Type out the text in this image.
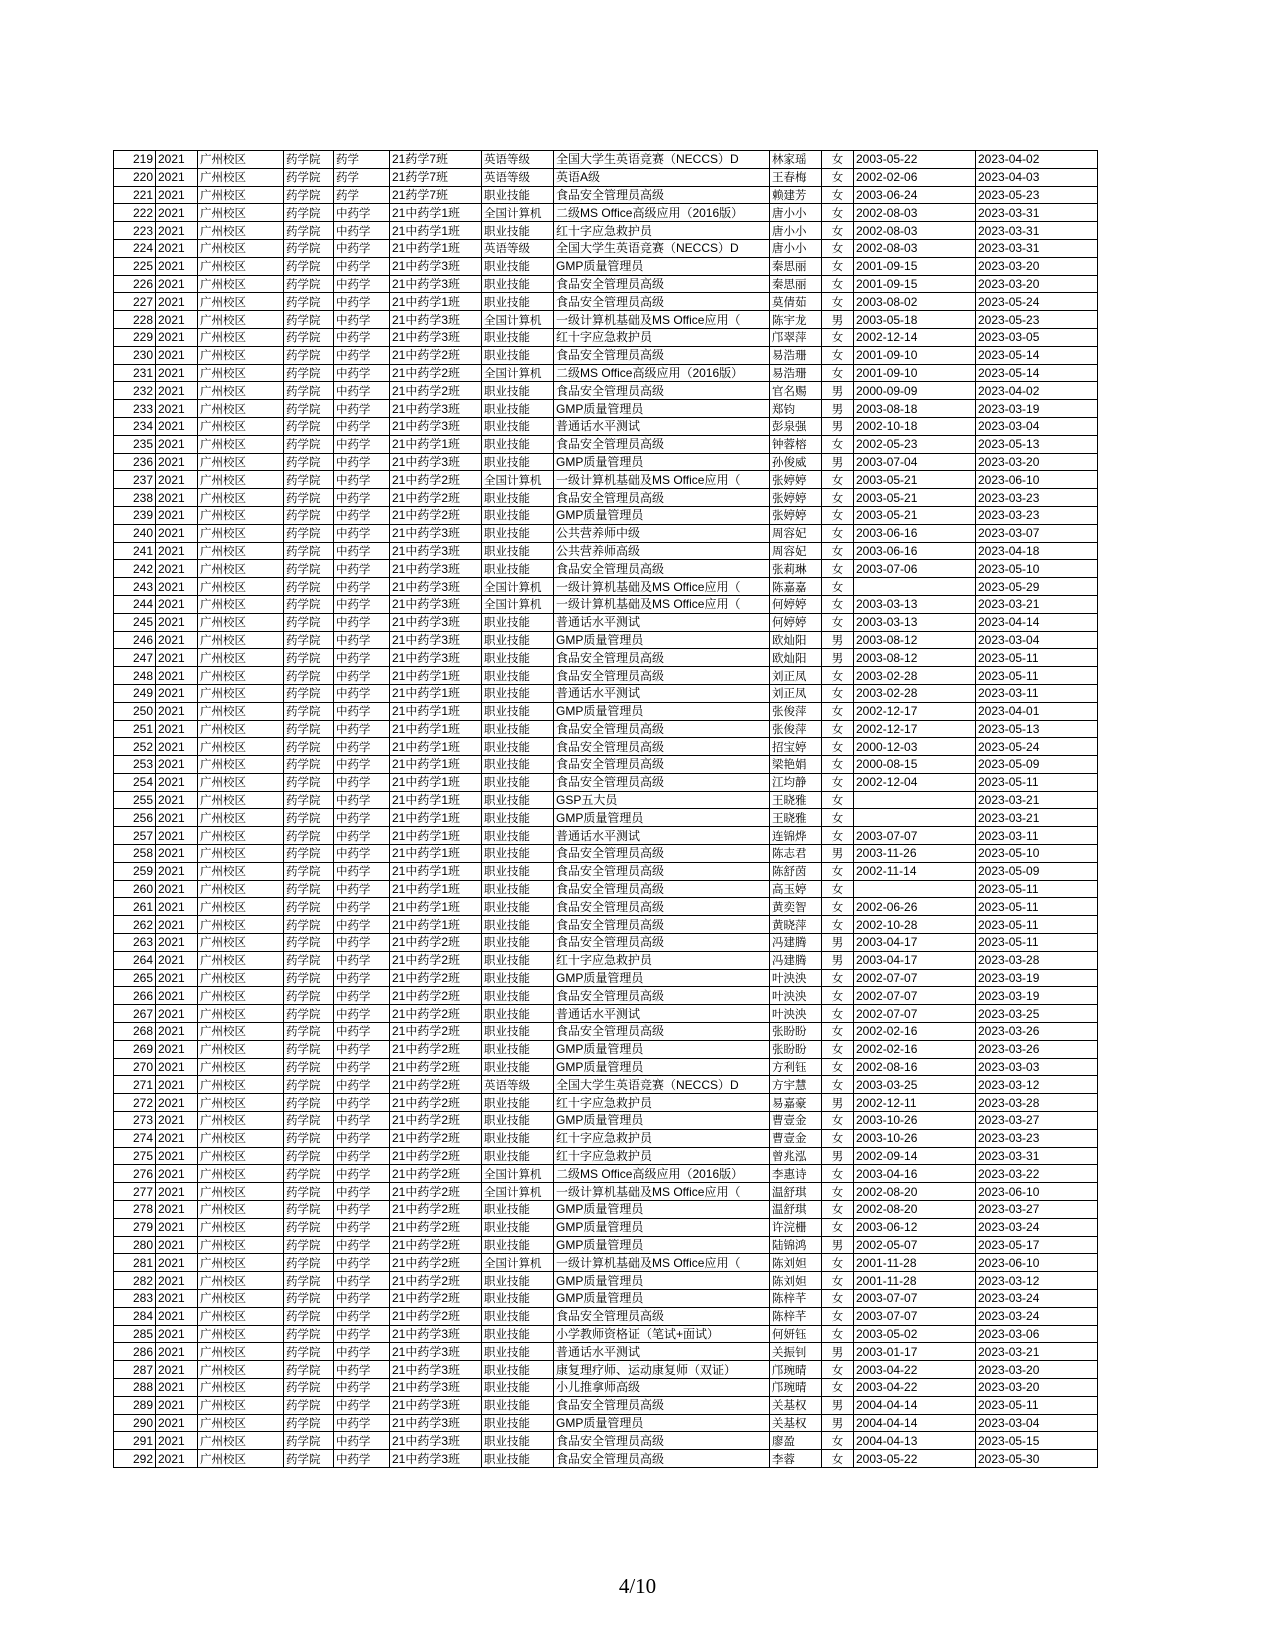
219	2021	广州校区	药学院	药学	21药学7班	英语等级	全国大学生英语竞赛（NECCS）D	林家瑶	女	2003-05-22	2023-04-02
220	2021	广州校区	药学院	药学	21药学7班	英语等级	英语A级	王春梅	女	2002-02-06	2023-04-03
221	2021	广州校区	药学院	药学	21药学7班	职业技能	食品安全管理员高级	赖建芳	女	2003-06-24	2023-05-23
222	2021	广州校区	药学院	中药学	21中药学1班	全国计算机	二级MS Office高级应用（2016版）	唐小小	女	2002-08-03	2023-03-31
223	2021	广州校区	药学院	中药学	21中药学1班	职业技能	红十字应急救护员	唐小小	女	2002-08-03	2023-03-31
224	2021	广州校区	药学院	中药学	21中药学1班	英语等级	全国大学生英语竞赛（NECCS）D	唐小小	女	2002-08-03	2023-03-31
225	2021	广州校区	药学院	中药学	21中药学3班	职业技能	GMP质量管理员	秦思丽	女	2001-09-15	2023-03-20
226	2021	广州校区	药学院	中药学	21中药学3班	职业技能	食品安全管理员高级	秦思丽	女	2001-09-15	2023-03-20
227	2021	广州校区	药学院	中药学	21中药学1班	职业技能	食品安全管理员高级	莫倩茹	女	2003-08-02	2023-05-24
228	2021	广州校区	药学院	中药学	21中药学3班	全国计算机	一级计算机基础及MS Office应用（	陈宇龙	男	2003-05-18	2023-05-23
229	2021	广州校区	药学院	中药学	21中药学3班	职业技能	红十字应急救护员	邝翠萍	女	2002-12-14	2023-03-05
230	2021	广州校区	药学院	中药学	21中药学2班	职业技能	食品安全管理员高级	易浩珊	女	2001-09-10	2023-05-14
231	2021	广州校区	药学院	中药学	21中药学2班	全国计算机	二级MS Office高级应用（2016版）	易浩珊	女	2001-09-10	2023-05-14
232	2021	广州校区	药学院	中药学	21中药学2班	职业技能	食品安全管理员高级	官名赐	男	2000-09-09	2023-04-02
233	2021	广州校区	药学院	中药学	21中药学3班	职业技能	GMP质量管理员	郑钧	男	2003-08-18	2023-03-19
234	2021	广州校区	药学院	中药学	21中药学3班	职业技能	普通话水平测试	彭泉强	男	2002-10-18	2023-03-04
235	2021	广州校区	药学院	中药学	21中药学1班	职业技能	食品安全管理员高级	钟蓉榕	女	2002-05-23	2023-05-13
236	2021	广州校区	药学院	中药学	21中药学3班	职业技能	GMP质量管理员	孙俊威	男	2003-07-04	2023-03-20
237	2021	广州校区	药学院	中药学	21中药学2班	全国计算机	一级计算机基础及MS Office应用（	张婷婷	女	2003-05-21	2023-06-10
238	2021	广州校区	药学院	中药学	21中药学2班	职业技能	食品安全管理员高级	张婷婷	女	2003-05-21	2023-03-23
239	2021	广州校区	药学院	中药学	21中药学2班	职业技能	GMP质量管理员	张婷婷	女	2003-05-21	2023-03-23
240	2021	广州校区	药学院	中药学	21中药学3班	职业技能	公共营养师中级	周容妃	女	2003-06-16	2023-03-07
241	2021	广州校区	药学院	中药学	21中药学3班	职业技能	公共营养师高级	周容妃	女	2003-06-16	2023-04-18
242	2021	广州校区	药学院	中药学	21中药学3班	职业技能	食品安全管理员高级	张莉琳	女	2003-07-06	2023-05-10
243	2021	广州校区	药学院	中药学	21中药学3班	全国计算机	一级计算机基础及MS Office应用（	陈嘉嘉	女		2023-05-29
244	2021	广州校区	药学院	中药学	21中药学3班	全国计算机	一级计算机基础及MS Office应用（	何婷婷	女	2003-03-13	2023-03-21
245	2021	广州校区	药学院	中药学	21中药学3班	职业技能	普通话水平测试	何婷婷	女	2003-03-13	2023-04-14
246	2021	广州校区	药学院	中药学	21中药学3班	职业技能	GMP质量管理员	欧灿阳	男	2003-08-12	2023-03-04
247	2021	广州校区	药学院	中药学	21中药学3班	职业技能	食品安全管理员高级	欧灿阳	男	2003-08-12	2023-05-11
248	2021	广州校区	药学院	中药学	21中药学1班	职业技能	食品安全管理员高级	刘正凤	女	2003-02-28	2023-05-11
249	2021	广州校区	药学院	中药学	21中药学1班	职业技能	普通话水平测试	刘正凤	女	2003-02-28	2023-03-11
250	2021	广州校区	药学院	中药学	21中药学1班	职业技能	GMP质量管理员	张俊萍	女	2002-12-17	2023-04-01
251	2021	广州校区	药学院	中药学	21中药学1班	职业技能	食品安全管理员高级	张俊萍	女	2002-12-17	2023-05-13
252	2021	广州校区	药学院	中药学	21中药学1班	职业技能	食品安全管理员高级	招宝婷	女	2000-12-03	2023-05-24
253	2021	广州校区	药学院	中药学	21中药学1班	职业技能	食品安全管理员高级	梁艳娟	女	2000-08-15	2023-05-09
254	2021	广州校区	药学院	中药学	21中药学1班	职业技能	食品安全管理员高级	江均静	女	2002-12-04	2023-05-11
255	2021	广州校区	药学院	中药学	21中药学1班	职业技能	GSP五大员	王晓雅	女		2023-03-21
256	2021	广州校区	药学院	中药学	21中药学1班	职业技能	GMP质量管理员	王晓雅	女		2023-03-21
257	2021	广州校区	药学院	中药学	21中药学1班	职业技能	普通话水平测试	连锦烨	女	2003-07-07	2023-03-11
258	2021	广州校区	药学院	中药学	21中药学1班	职业技能	食品安全管理员高级	陈志君	男	2003-11-26	2023-05-10
259	2021	广州校区	药学院	中药学	21中药学1班	职业技能	食品安全管理员高级	陈舒茵	女	2002-11-14	2023-05-09
260	2021	广州校区	药学院	中药学	21中药学1班	职业技能	食品安全管理员高级	高玉婷	女		2023-05-11
261	2021	广州校区	药学院	中药学	21中药学1班	职业技能	食品安全管理员高级	黄奕智	女	2002-06-26	2023-05-11
262	2021	广州校区	药学院	中药学	21中药学1班	职业技能	食品安全管理员高级	黄晓萍	女	2002-10-28	2023-05-11
263	2021	广州校区	药学院	中药学	21中药学2班	职业技能	食品安全管理员高级	冯建腾	男	2003-04-17	2023-05-11
264	2021	广州校区	药学院	中药学	21中药学2班	职业技能	红十字应急救护员	冯建腾	男	2003-04-17	2023-03-28
265	2021	广州校区	药学院	中药学	21中药学2班	职业技能	GMP质量管理员	叶泱泱	女	2002-07-07	2023-03-19
266	2021	广州校区	药学院	中药学	21中药学2班	职业技能	食品安全管理员高级	叶泱泱	女	2002-07-07	2023-03-19
267	2021	广州校区	药学院	中药学	21中药学2班	职业技能	普通话水平测试	叶泱泱	女	2002-07-07	2023-03-25
268	2021	广州校区	药学院	中药学	21中药学2班	职业技能	食品安全管理员高级	张盼盼	女	2002-02-16	2023-03-26
269	2021	广州校区	药学院	中药学	21中药学2班	职业技能	GMP质量管理员	张盼盼	女	2002-02-16	2023-03-26
270	2021	广州校区	药学院	中药学	21中药学2班	职业技能	GMP质量管理员	方利钰	女	2002-08-16	2023-03-03
271	2021	广州校区	药学院	中药学	21中药学2班	英语等级	全国大学生英语竞赛（NECCS）D	方宇慧	女	2003-03-25	2023-03-12
272	2021	广州校区	药学院	中药学	21中药学2班	职业技能	红十字应急救护员	易嘉豪	男	2002-12-11	2023-03-28
273	2021	广州校区	药学院	中药学	21中药学2班	职业技能	GMP质量管理员	曹壹金	女	2003-10-26	2023-03-27
274	2021	广州校区	药学院	中药学	21中药学2班	职业技能	红十字应急救护员	曹壹金	女	2003-10-26	2023-03-23
275	2021	广州校区	药学院	中药学	21中药学2班	职业技能	红十字应急救护员	曾兆泓	男	2002-09-14	2023-03-31
276	2021	广州校区	药学院	中药学	21中药学2班	全国计算机	二级MS Office高级应用（2016版）	李惠诗	女	2003-04-16	2023-03-22
277	2021	广州校区	药学院	中药学	21中药学2班	全国计算机	一级计算机基础及MS Office应用（	温舒琪	女	2002-08-20	2023-06-10
278	2021	广州校区	药学院	中药学	21中药学2班	职业技能	GMP质量管理员	温舒琪	女	2002-08-20	2023-03-27
279	2021	广州校区	药学院	中药学	21中药学2班	职业技能	GMP质量管理员	许浣栅	女	2003-06-12	2023-03-24
280	2021	广州校区	药学院	中药学	21中药学2班	职业技能	GMP质量管理员	陆锦鸿	男	2002-05-07	2023-05-17
281	2021	广州校区	药学院	中药学	21中药学2班	全国计算机	一级计算机基础及MS Office应用（	陈刘妲	女	2001-11-28	2023-06-10
282	2021	广州校区	药学院	中药学	21中药学2班	职业技能	GMP质量管理员	陈刘妲	女	2001-11-28	2023-03-12
283	2021	广州校区	药学院	中药学	21中药学2班	职业技能	GMP质量管理员	陈梓芊	女	2003-07-07	2023-03-24
284	2021	广州校区	药学院	中药学	21中药学2班	职业技能	食品安全管理员高级	陈梓芊	女	2003-07-07	2023-03-24
285	2021	广州校区	药学院	中药学	21中药学3班	职业技能	小学教师资格证（笔试+面试）	何妍钰	女	2003-05-02	2023-03-06
286	2021	广州校区	药学院	中药学	21中药学3班	职业技能	普通话水平测试	关振钊	男	2003-01-17	2023-03-21
287	2021	广州校区	药学院	中药学	21中药学3班	职业技能	康复理疗师、运动康复师（双证）	邝琬晴	女	2003-04-22	2023-03-20
288	2021	广州校区	药学院	中药学	21中药学3班	职业技能	小儿推拿师高级	邝琬晴	女	2003-04-22	2023-03-20
289	2021	广州校区	药学院	中药学	21中药学3班	职业技能	食品安全管理员高级	关基权	男	2004-04-14	2023-05-11
290	2021	广州校区	药学院	中药学	21中药学3班	职业技能	GMP质量管理员	关基权	男	2004-04-14	2023-03-04
291	2021	广州校区	药学院	中药学	21中药学3班	职业技能	食品安全管理员高级	廖盈	女	2004-04-13	2023-05-15
292	2021	广州校区	药学院	中药学	21中药学3班	职业技能	食品安全管理员高级	李蓉	女	2003-05-22	2023-05-30
4/10
